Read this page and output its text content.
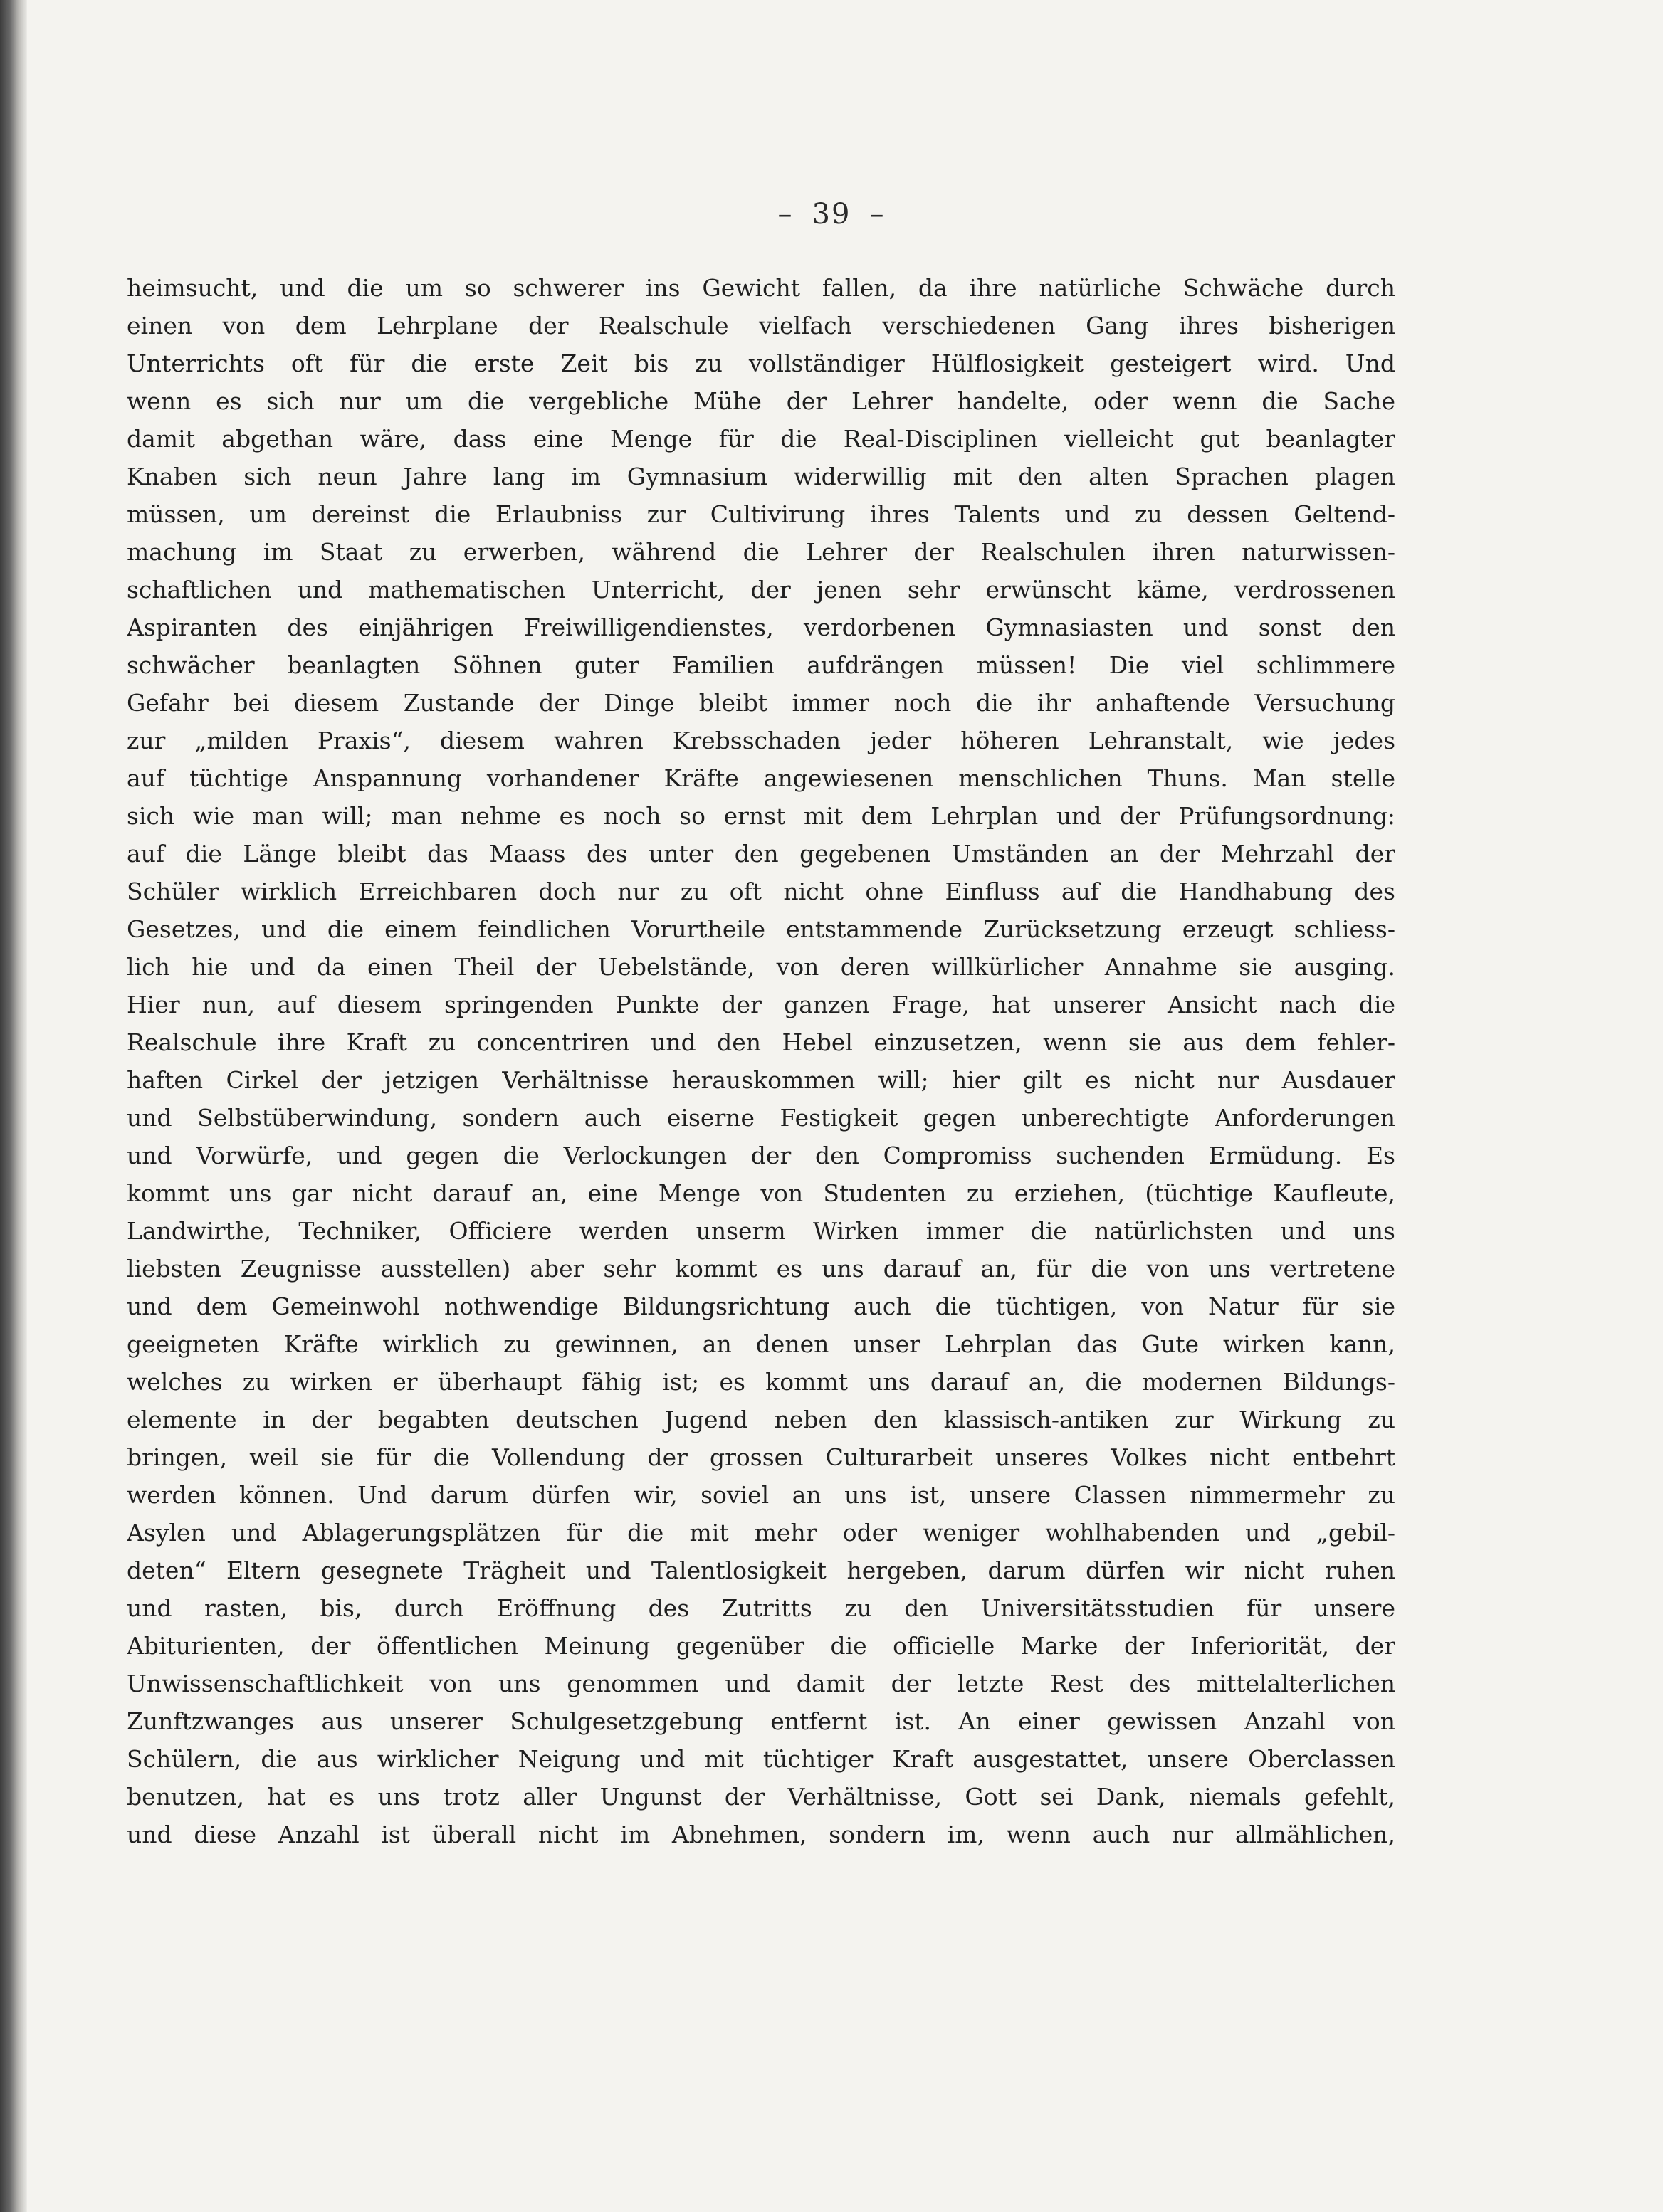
– 39 –
heimsucht, und die um so schwerer ins Gewicht fallen, da ihre natürliche Schwäche durch
einen von dem Lehrplane der Realschule vielfach verschiedenen Gang ihres bisherigen
Unterrichts oft für die erste Zeit bis zu vollständiger Hülflosigkeit gesteigert wird. Und
wenn es sich nur um die vergebliche Mühe der Lehrer handelte, oder wenn die Sache
damit abgethan wäre, dass eine Menge für die Real-Disciplinen vielleicht gut beanlagter
Knaben sich neun Jahre lang im Gymnasium widerwillig mit den alten Sprachen plagen
müssen, um dereinst die Erlaubniss zur Cultivirung ihres Talents und zu dessen Geltend-
machung im Staat zu erwerben, während die Lehrer der Realschulen ihren naturwissen-
schaftlichen und mathematischen Unterricht, der jenen sehr erwünscht käme, verdrossenen
Aspiranten des einjährigen Freiwilligendienstes, verdorbenen Gymnasiasten und sonst den
schwächer beanlagten Söhnen guter Familien aufdrängen müssen! Die viel schlimmere
Gefahr bei diesem Zustande der Dinge bleibt immer noch die ihr anhaftende Versuchung
zur „milden Praxis“, diesem wahren Krebsschaden jeder höheren Lehranstalt, wie jedes
auf tüchtige Anspannung vorhandener Kräfte angewiesenen menschlichen Thuns. Man stelle
sich wie man will; man nehme es noch so ernst mit dem Lehrplan und der Prüfungsordnung:
auf die Länge bleibt das Maass des unter den gegebenen Umständen an der Mehrzahl der
Schüler wirklich Erreichbaren doch nur zu oft nicht ohne Einfluss auf die Handhabung des
Gesetzes, und die einem feindlichen Vorurtheile entstammende Zurücksetzung erzeugt schliess-
lich hie und da einen Theil der Uebelstände, von deren willkürlicher Annahme sie ausging.
Hier nun, auf diesem springenden Punkte der ganzen Frage, hat unserer Ansicht nach die
Realschule ihre Kraft zu concentriren und den Hebel einzusetzen, wenn sie aus dem fehler-
haften Cirkel der jetzigen Verhältnisse herauskommen will; hier gilt es nicht nur Ausdauer
und Selbstüberwindung, sondern auch eiserne Festigkeit gegen unberechtigte Anforderungen
und Vorwürfe, und gegen die Verlockungen der den Compromiss suchenden Ermüdung. Es
kommt uns gar nicht darauf an, eine Menge von Studenten zu erziehen, (tüchtige Kaufleute,
Landwirthe, Techniker, Officiere werden unserm Wirken immer die natürlichsten und uns
liebsten Zeugnisse ausstellen) aber sehr kommt es uns darauf an, für die von uns vertretene
und dem Gemeinwohl nothwendige Bildungsrichtung auch die tüchtigen, von Natur für sie
geeigneten Kräfte wirklich zu gewinnen, an denen unser Lehrplan das Gute wirken kann,
welches zu wirken er überhaupt fähig ist; es kommt uns darauf an, die modernen Bildungs-
elemente in der begabten deutschen Jugend neben den klassisch-antiken zur Wirkung zu
bringen, weil sie für die Vollendung der grossen Culturarbeit unseres Volkes nicht entbehrt
werden können. Und darum dürfen wir, soviel an uns ist, unsere Classen nimmermehr zu
Asylen und Ablagerungsplätzen für die mit mehr oder weniger wohlhabenden und „gebil-
deten“ Eltern gesegnete Trägheit und Talentlosigkeit hergeben, darum dürfen wir nicht ruhen
und rasten, bis, durch Eröffnung des Zutritts zu den Universitätsstudien für unsere
Abiturienten, der öffentlichen Meinung gegenüber die officielle Marke der Inferiorität, der
Unwissenschaftlichkeit von uns genommen und damit der letzte Rest des mittelalterlichen
Zunftzwanges aus unserer Schulgesetzgebung entfernt ist. An einer gewissen Anzahl von
Schülern, die aus wirklicher Neigung und mit tüchtiger Kraft ausgestattet, unsere Oberclassen
benutzen, hat es uns trotz aller Ungunst der Verhältnisse, Gott sei Dank, niemals gefehlt,
und diese Anzahl ist überall nicht im Abnehmen, sondern im, wenn auch nur allmählichen,
